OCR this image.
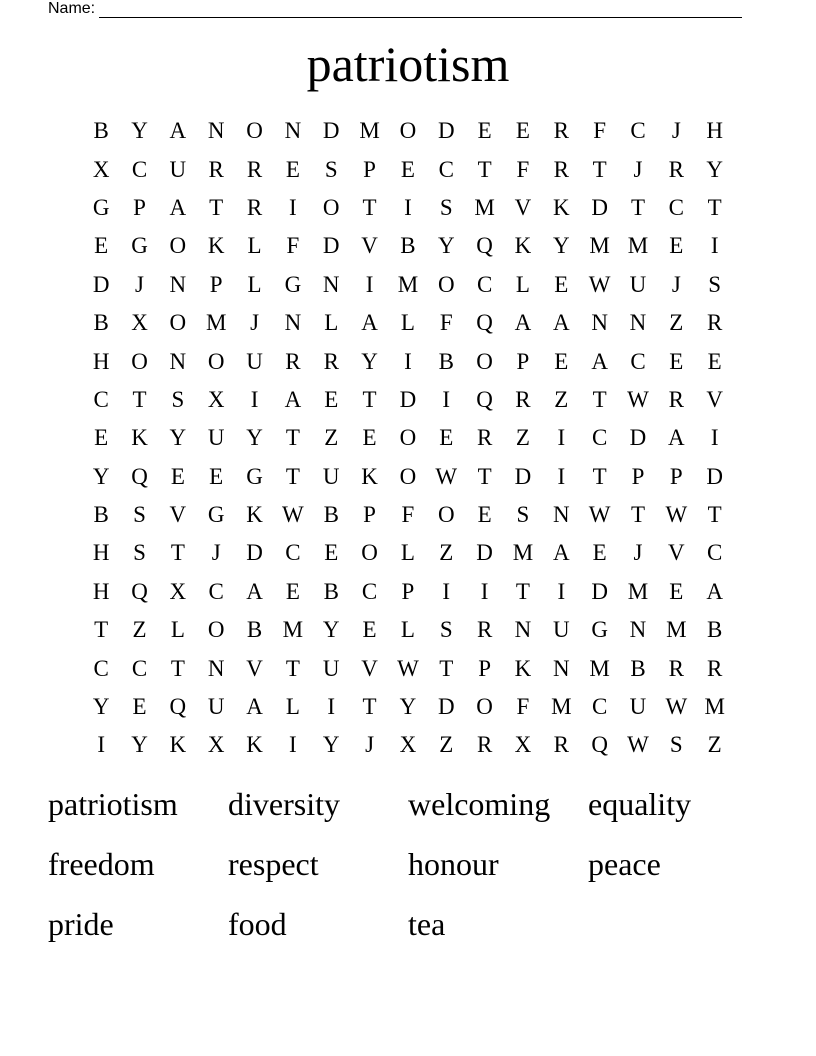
Name:
patriotism
B Y A N O N D M O D	E	E	R	F	C	J	H
X C U R	R	E	S	P	E	C	T	F	R	T	J	R Y
G	P	A	T	R	I	O	T	I	S M V K D	T	C	T
E	G O K	L	F	D V B Y Q K Y M M E	I
D	J	N	P	L	G N	I	M O C	L	E W U	J	S
B X O M	J	N	L	A	L	F	Q A A N N	Z	R
H O N O U R	R Y	I	B O	P	E	A C	E	E
C	T	S	X	I	A	E	T	D	I	Q R	Z	T W R V
E	K Y U Y	T	Z	E	O	E	R	Z	I	C D A	I
Y Q	E	E	G	T	U K O W T	D	I	T	P	P	D
B	S	V G K W B	P	F	O	E	S	N W T W T
H	S	T	J	D C	E	O	L	Z	D M A	E	J	V C
H Q X C A	E	B	C	P	I	I	T	I	D M E	A
T	Z	L	O B M Y	E	L	S	R N U G N M B
C	C	T	N V	T	U V W T	P	K N M B	R	R
Y	E	Q U A	L	I	T	Y D O	F M C U W M
I	Y K X K	I	Y	J	X	Z	R X R Q W S	Z
patriotism	diversity	welcoming	equality
freedom	respect	honour	peace
pride	food	tea
